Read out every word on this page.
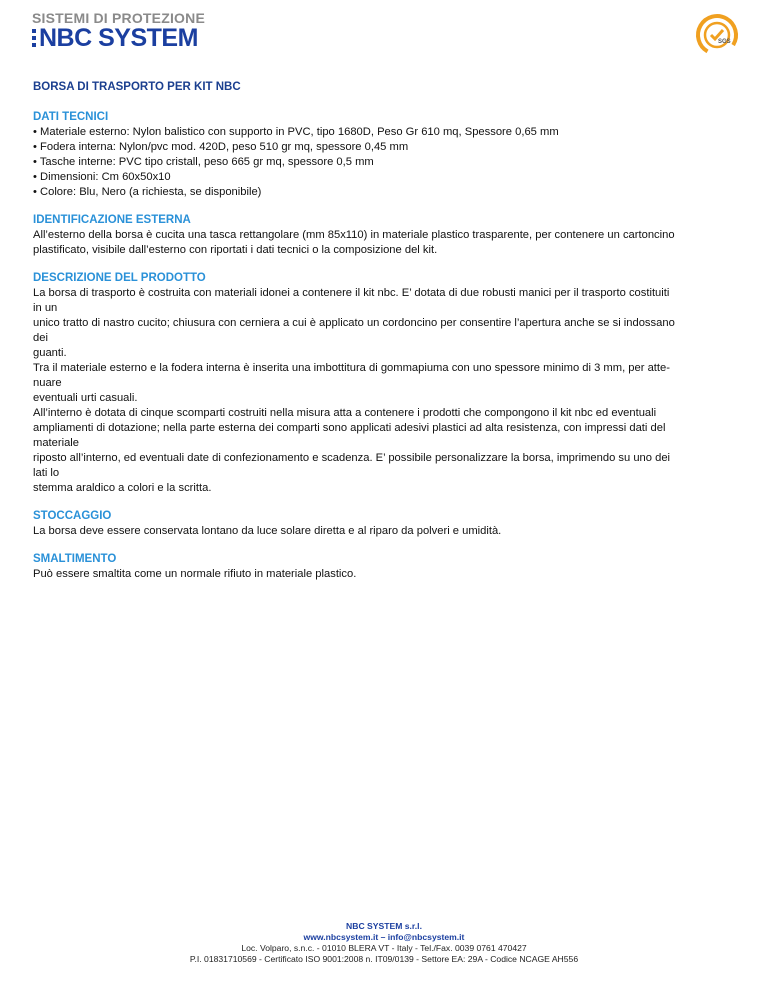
SISTEMI DI PROTEZIONE
NBC SYSTEM	SGS
BORSA DI TRASPORTO PER KIT NBC
DATI TECNICI
• Materiale esterno: Nylon balistico con supporto in PVC, tipo 1680D, Peso Gr 610 mq, Spessore 0,65 mm
• Fodera interna: Nylon/pvc mod. 420D, peso 510 gr mq, spessore 0,45 mm
• Tasche interne: PVC tipo cristall, peso 665 gr mq, spessore 0,5 mm
• Dimensioni: Cm 60x50x10
• Colore: Blu, Nero (a richiesta, se disponibile)
IDENTIFICAZIONE ESTERNA
All’esterno della borsa è cucita una tasca rettangolare (mm 85x110) in materiale plastico trasparente, per contenere un cartoncino
plastificato, visibile dall’esterno con riportati i dati tecnici o la composizione del kit.
DESCRIZIONE DEL PRODOTTO
La borsa di trasporto è costruita con materiali idonei a contenere il kit nbc. E’ dotata di due robusti manici per il trasporto costituiti
in un
unico tratto di nastro cucito; chiusura con cerniera a cui è applicato un cordoncino per consentire l’apertura anche se si indossano
dei
guanti.
Tra il materiale esterno e la fodera interna è inserita una imbottitura di gommapiuma con uno spessore minimo di 3 mm, per atte-
nuare
eventuali urti casuali.
All’interno è dotata di cinque scomparti costruiti nella misura atta a contenere i prodotti che compongono il kit nbc ed eventuali
ampliamenti di dotazione; nella parte esterna dei comparti sono applicati adesivi plastici ad alta resistenza, con impressi dati del
materiale
riposto all’interno, ed eventuali date di confezionamento e scadenza. E’ possibile personalizzare la borsa, imprimendo su uno dei
lati lo
stemma araldico a colori e la scritta.
STOCCAGGIO
La borsa deve essere conservata lontano da luce solare diretta e al riparo da polveri e umidità.
SMALTIMENTO
Può essere smaltita come un normale rifiuto in materiale plastico.
NBC SYSTEM s.r.l.
www.nbcsystem.it – info@nbcsystem.it
Loc. Volparo, s.n.c. - 01010 BLERA VT - Italy - Tel./Fax. 0039 0761 470427
P.I. 01831710569 - Certificato ISO 9001:2008 n. IT09/0139 - Settore EA: 29A - Codice NCAGE AH556
